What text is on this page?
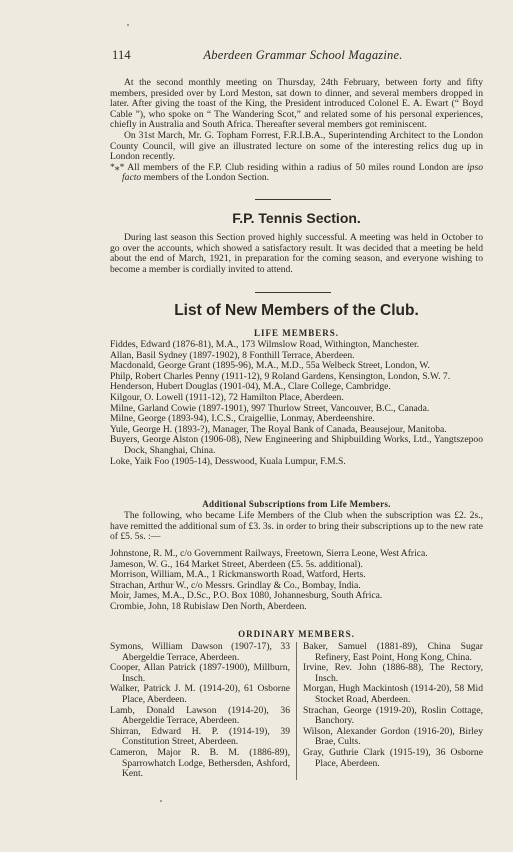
114	Aberdeen Grammar School Magazine.

At the second monthly meeting on Thursday, 24th February, between forty and fifty members, presided over by Lord Meston, sat down to dinner, and several members dropped in later. After giving the toast of the King, the President introduced Colonel E. A. Ewart (“ Boyd Cable ”), who spoke on “ The Wandering Scot,” and related some of his personal experiences, chiefly in Australia and South Africa. Thereafter several members got reminiscent.

On 31st March, Mr. G. Topham Forrest, F.R.I.B.A., Superintending Architect to the London County Council, will give an illustrated lecture on some of the interesting relics dug up in London recently.

*⁎* All members of the F.P. Club residing within a radius of 50 miles round London are ipso facto members of the London Section.

F.P. Tennis Section.

During last season this Section proved highly successful. A meeting was held in October to go over the accounts, which showed a satisfactory result. It was decided that a meeting be held about the end of March, 1921, in preparation for the coming season, and everyone wishing to become a member is cordially invited to attend.

List of New Members of the Club.
LIFE MEMBERS.

Fiddes, Edward (1876-81), M.A., 173 Wilmslow Road, Withington, Manchester.

Allan, Basil Sydney (1897-1902), 8 Fonthill Terrace, Aberdeen.

Macdonald, George Grant (1895-96), M.A., M.D., 55a Welbeck Street, London, W.

Philp, Robert Charles Penny (1911-12), 9 Roland Gardens, Kensington, London, S.W. 7.

Henderson, Hubert Douglas (1901-04), M.A., Clare College, Cambridge.

Kilgour, O. Lowell (1911-12), 72 Hamilton Place, Aberdeen.

Milne, Garland Cowie (1897-1901), 997 Thurlow Street, Vancouver, B.C., Canada.

Milne, George (1893-94), I.C.S., Craigellie, Lonmay, Aberdeenshire.

Yule, George H. (1893-?), Manager, The Royal Bank of Canada, Beausejour, Manitoba.

Buyers, George Alston (1906-08), New Engineering and Shipbuilding Works, Ltd., Yangtszepoo Dock, Shanghai, China.

Loke, Yaik Foo (1905-14), Desswood, Kuala Lumpur, F.M.S.

Additional Subscriptions from Life Members.

The following, who became Life Members of the Club when the subscription was £2. 2s., have remitted the additional sum of £3. 3s. in order to bring their subscriptions up to the new rate of £5. 5s. :—

Johnstone, R. M., c/o Government Railways, Freetown, Sierra Leone, West Africa.

Jameson, W. G., 164 Market Street, Aberdeen (£5. 5s. additional).

Morrison, William, M.A., 1 Rickmansworth Road, Watford, Herts.

Strachan, Arthur W., c/o Messrs. Grindlay & Co., Bombay, India.

Moir, James, M.A., D.Sc., P.O. Box 1080, Johannesburg, South Africa.

Crombie, John, 18 Rubislaw Den North, Aberdeen.

ORDINARY MEMBERS.

Symons, William Dawson (1907-17), 33 Abergeldie Terrace, Aberdeen.

Cooper, Allan Patrick (1897-1900), Millburn, Insch.

Walker, Patrick J. M. (1914-20), 61 Osborne Place, Aberdeen.

Lamb, Donald Lawson (1914-20), 36 Abergeldie Terrace, Aberdeen.

Shirran, Edward H. P. (1914-19), 39 Constitution Street, Aberdeen.

Cameron, Major R. B. M. (1886-89), Sparrowhatch Lodge, Bethersden, Ashford, Kent.

Baker, Samuel (1881-89), China Sugar Refinery, East Point, Hong Kong, China.

Irvine, Rev. John (1886-88), The Rectory, Insch.

Morgan, Hugh Mackintosh (1914-20), 58 Mid Stocket Road, Aberdeen.

Strachan, George (1919-20), Roslin Cottage, Banchory.

Wilson, Alexander Gordon (1916-20), Birley Brae, Cults.

Gray, Guthrie Clark (1915-19), 36 Osborne Place, Aberdeen.
